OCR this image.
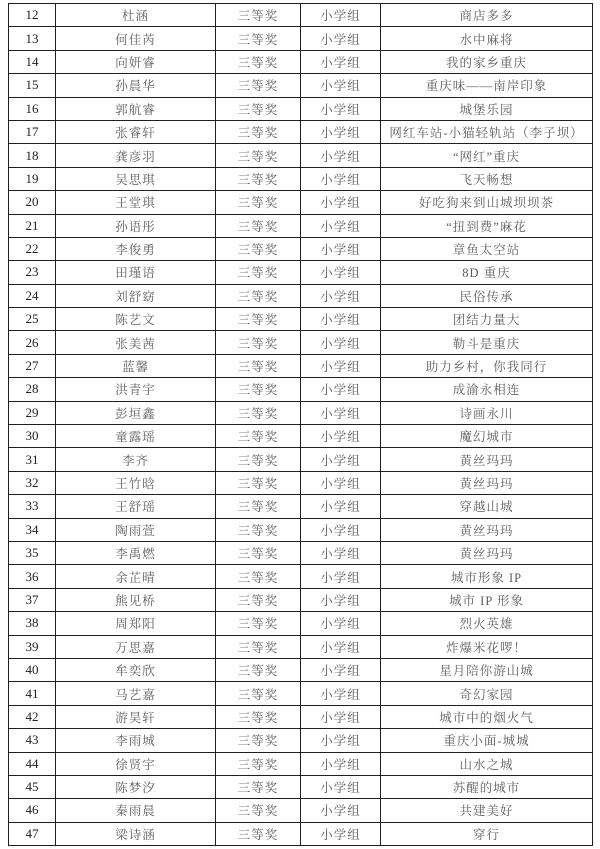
12	杜涵	三等奖	小学组	商店多多
13	何佳芮	三等奖	小学组	水中麻将
14	向妍睿	三等奖	小学组	我的家乡重庆
15	孙晨华	三等奖	小学组	重庆味——南岸印象
16	郭航睿	三等奖	小学组	城堡乐园
17	张睿轩	三等奖	小学组	网红车站-小猫轻轨站（李子坝）
18	龚彦羽	三等奖	小学组	“网红”重庆
19	吴思琪	三等奖	小学组	飞天畅想
20	王堂琪	三等奖	小学组	好吃狗来到山城坝坝茶
21	孙语彤	三等奖	小学组	“扭到费”麻花
22	李俊勇	三等奖	小学组	章鱼太空站
23	田瑾语	三等奖	小学组	8D 重庆
24	刘舒窈	三等奖	小学组	民俗传承
25	陈艺文	三等奖	小学组	团结力量大
26	张美茜	三等奖	小学组	勒斗是重庆
27	蓝馨	三等奖	小学组	助力乡村，你我同行
28	洪青宇	三等奖	小学组	成渝永相连
29	彭垣鑫	三等奖	小学组	诗画永川
30	童露瑶	三等奖	小学组	魔幻城市
31	李齐	三等奖	小学组	黄丝玛玛
32	王竹晗	三等奖	小学组	黄丝玛玛
33	王舒瑶	三等奖	小学组	穿越山城
34	陶雨萱	三等奖	小学组	黄丝玛玛
35	李禹燃	三等奖	小学组	黄丝玛玛
36	余芷晴	三等奖	小学组	城市形象 IP
37	熊见桥	三等奖	小学组	城市 IP 形象
38	周郑阳	三等奖	小学组	烈火英雄
39	万思嘉	三等奖	小学组	炸爆米花啰！
40	牟奕欣	三等奖	小学组	星月陪你游山城
41	马艺嘉	三等奖	小学组	奇幻家园
42	游昊轩	三等奖	小学组	城市中的烟火气
43	李雨城	三等奖	小学组	重庆小面-城城
44	徐贤宇	三等奖	小学组	山水之城
45	陈梦汐	三等奖	小学组	苏醒的城市
46	秦雨晨	三等奖	小学组	共建美好
47	梁诗涵	三等奖	小学组	穿行
